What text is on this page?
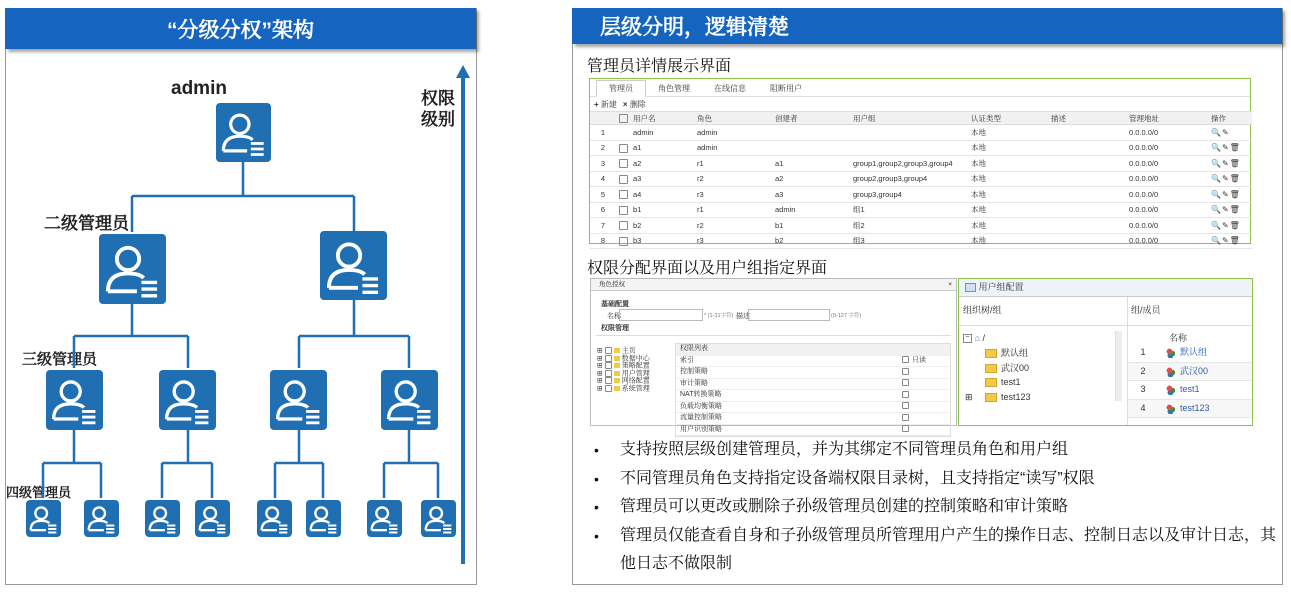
“分级分权”架构
admin
二级管理员
三级管理员
四级管理员
权限
级别
层级分明，逻辑清楚
管理员详情展示界面
管理员	角色管理	在线信息	阻断用户
+ 新建 × 删除
		用户名	角色	创建者	用户组	认证类型	描述	管理地址	操作
1		admin	admin			本地		0.0.0.0/0	🔍✎
2		a1	admin			本地		0.0.0.0/0	🔍✎🗑
3		a2	r1	a1	group1,group2,group3,group4	本地		0.0.0.0/0	🔍✎🗑
4		a3	r2	a2	group2,group3,group4	本地		0.0.0.0/0	🔍✎🗑
5		a4	r3	a3	group3,group4	本地		0.0.0.0/0	🔍✎🗑
6		b1	r1	admin	组1	本地		0.0.0.0/0	🔍✎🗑
7		b2	r2	b1	组2	本地		0.0.0.0/0	🔍✎🗑
8		b3	r3	b2	组3	本地		0.0.0.0/0	🔍✎🗑
权限分配界面以及用户组指定界面
角色授权	×
基础配置
名称	* (1-31字符) 描述	(0-127 字符)
权限管理
⊞	主页
⊞	数据中心
⊞	策略配置
⊞	用户管理
⊞	网络配置
⊞	系统管理
权限列表
索引	只读
控制策略
审计策略
NAT转换策略
负载均衡策略
流量控制策略
用户识别策略
用户组配置
组织树/组	组/成员
− ⌂ /
默认组
武汉00
test1
⊞	test123
名称
1	默认组
2	武汉00
3	test1
4	test123
• 支持按照层级创建管理员，并为其绑定不同管理员角色和用户组
• 不同管理员角色支持指定设备端权限目录树，且支持指定“读写”权限
• 管理员可以更改或删除子孙级管理员创建的控制策略和审计策略
• 管理员仅能查看自身和子孙级管理员所管理用户产生的操作日志、控制日志以及审计日志，其他日志不做限制
